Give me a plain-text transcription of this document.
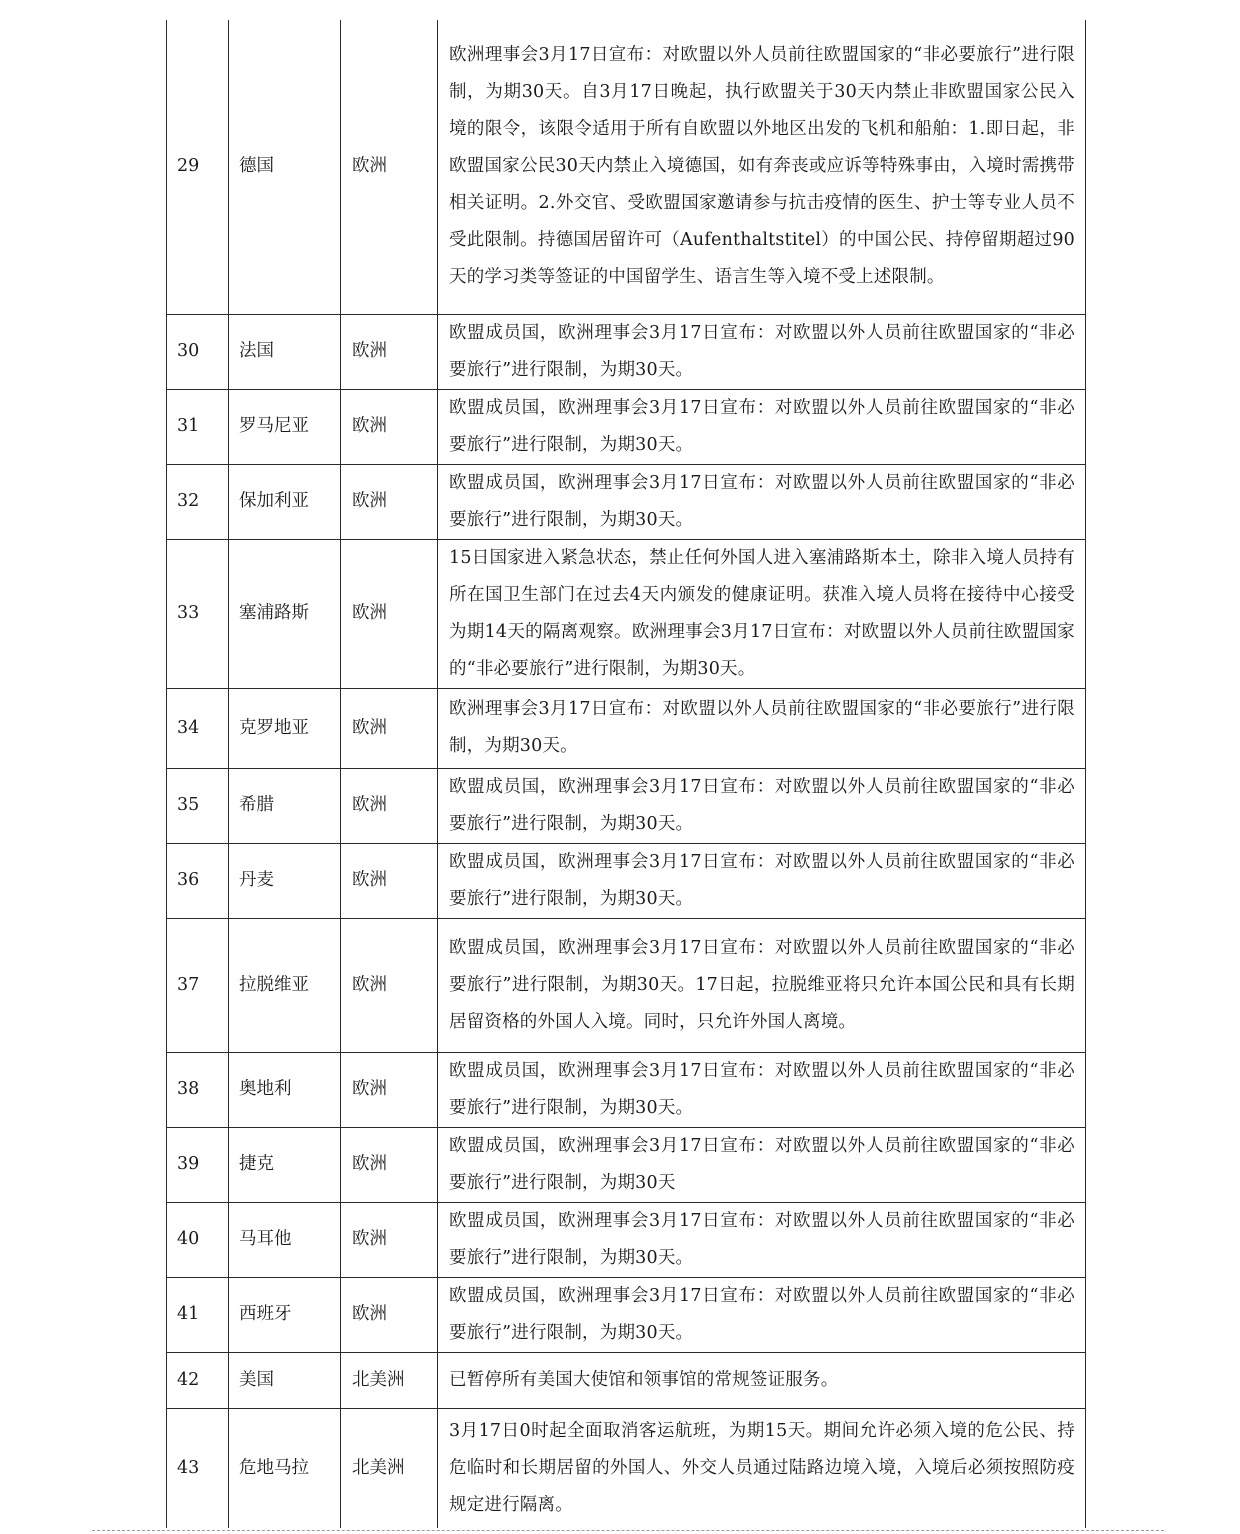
29	德国	欧洲	欧洲理事会3月17日宣布：对欧盟以外人员前往欧盟国家的“非必要旅行”进行限制，为期30天。自3月17日晚起，执行欧盟关于30天内禁止非欧盟国家公民入境的限令，该限令适用于所有自欧盟以外地区出发的飞机和船舶：1.即日起，非欧盟国家公民30天内禁止入境德国，如有奔丧或应诉等特殊事由，入境时需携带相关证明。2.外交官、受欧盟国家邀请参与抗击疫情的医生、护士等专业人员不受此限制。持德国居留许可（Aufenthaltstitel）的中国公民、持停留期超过90天的学习类等签证的中国留学生、语言生等入境不受上述限制。

30	法国	欧洲	欧盟成员国，欧洲理事会3月17日宣布：对欧盟以外人员前往欧盟国家的“非必要旅行”进行限制，为期30天。

31	罗马尼亚	欧洲	欧盟成员国，欧洲理事会3月17日宣布：对欧盟以外人员前往欧盟国家的“非必要旅行”进行限制，为期30天。

32	保加利亚	欧洲	欧盟成员国，欧洲理事会3月17日宣布：对欧盟以外人员前往欧盟国家的“非必要旅行”进行限制，为期30天。

33	塞浦路斯	欧洲	15日国家进入紧急状态，禁止任何外国人进入塞浦路斯本土，除非入境人员持有所在国卫生部门在过去4天内颁发的健康证明。获准入境人员将在接待中心接受为期14天的隔离观察。欧洲理事会3月17日宣布：对欧盟以外人员前往欧盟国家的“非必要旅行”进行限制，为期30天。

34	克罗地亚	欧洲	欧洲理事会3月17日宣布：对欧盟以外人员前往欧盟国家的“非必要旅行”进行限制，为期30天。

35	希腊	欧洲	欧盟成员国，欧洲理事会3月17日宣布：对欧盟以外人员前往欧盟国家的“非必要旅行”进行限制，为期30天。

36	丹麦	欧洲	欧盟成员国，欧洲理事会3月17日宣布：对欧盟以外人员前往欧盟国家的“非必要旅行”进行限制，为期30天。

37	拉脱维亚	欧洲	欧盟成员国，欧洲理事会3月17日宣布：对欧盟以外人员前往欧盟国家的“非必要旅行”进行限制，为期30天。17日起，拉脱维亚将只允许本国公民和具有长期居留资格的外国人入境。同时，只允许外国人离境。

38	奥地利	欧洲	欧盟成员国，欧洲理事会3月17日宣布：对欧盟以外人员前往欧盟国家的“非必要旅行”进行限制，为期30天。

39	捷克	欧洲	欧盟成员国，欧洲理事会3月17日宣布：对欧盟以外人员前往欧盟国家的“非必要旅行”进行限制，为期30天

40	马耳他	欧洲	欧盟成员国，欧洲理事会3月17日宣布：对欧盟以外人员前往欧盟国家的“非必要旅行”进行限制，为期30天。

41	西班牙	欧洲	欧盟成员国，欧洲理事会3月17日宣布：对欧盟以外人员前往欧盟国家的“非必要旅行”进行限制，为期30天。

42	美国	北美洲	已暂停所有美国大使馆和领事馆的常规签证服务。

43	危地马拉	北美洲	3月17日0时起全面取消客运航班，为期15天。期间允许必须入境的危公民、持危临时和长期居留的外国人、外交人员通过陆路边境入境，入境后必须按照防疫规定进行隔离。
